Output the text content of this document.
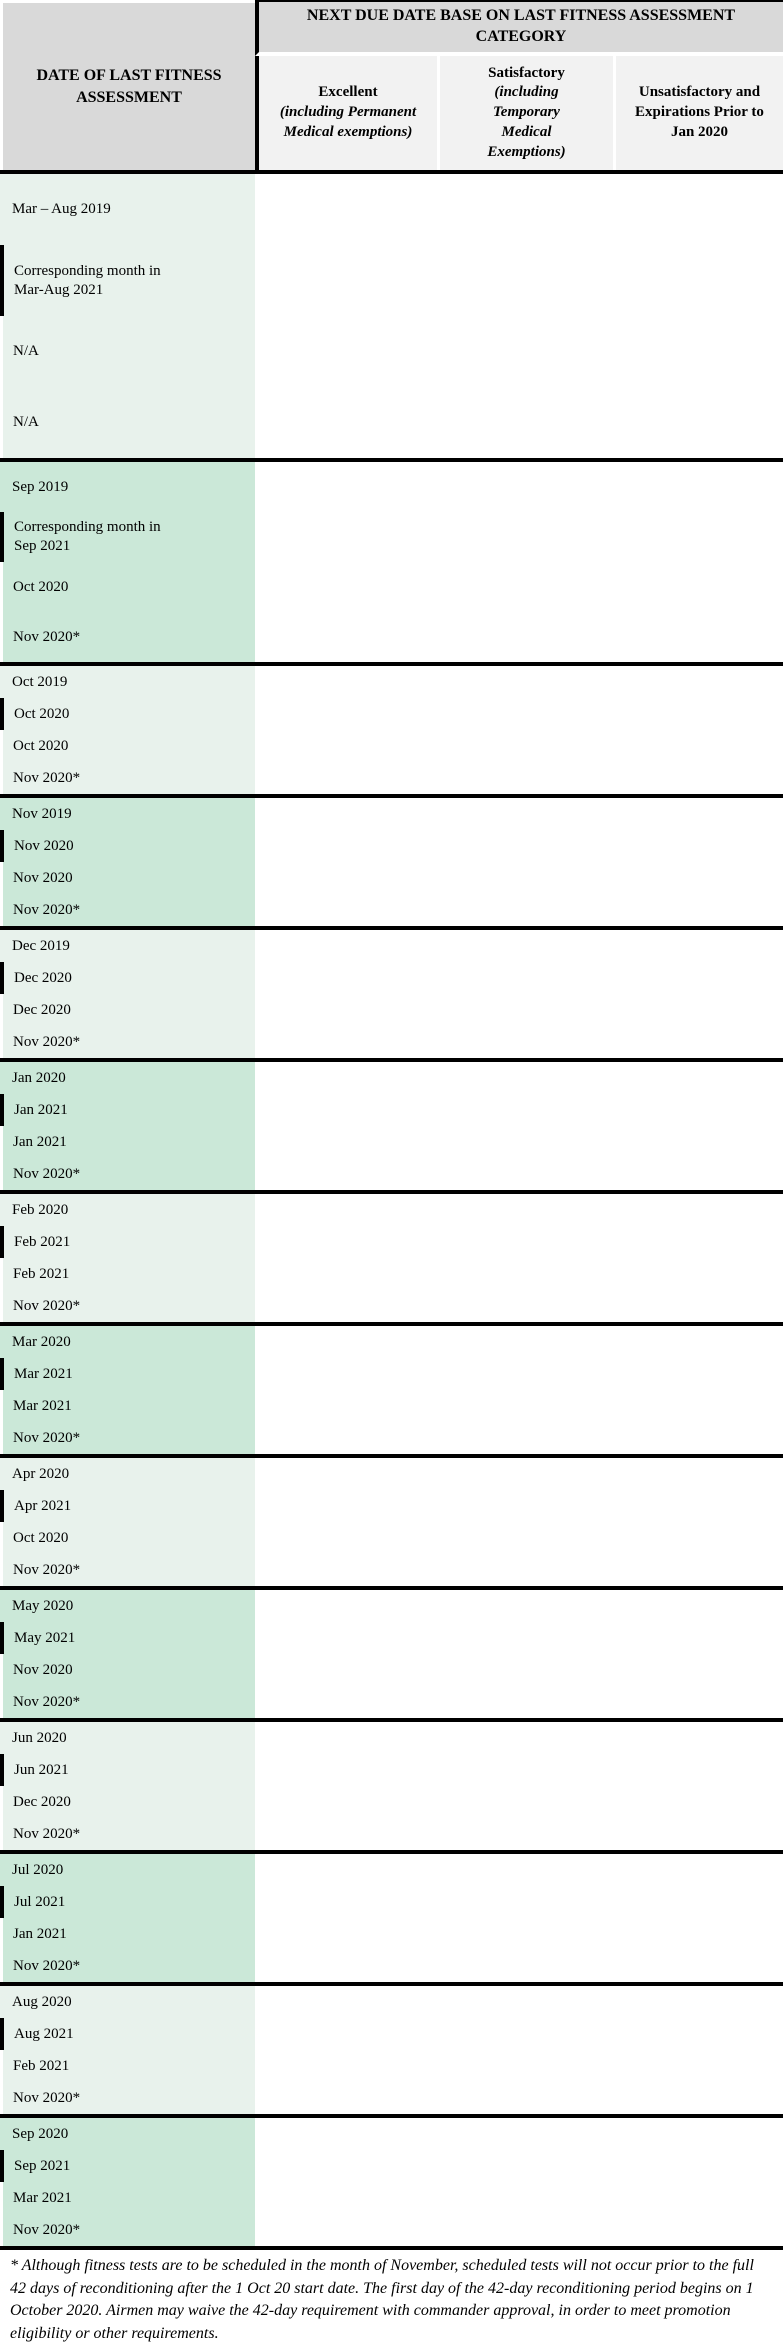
DATE OF LAST FITNESS ASSESSMENT
NEXT DUE DATE BASE ON LAST FITNESS ASSESSMENT CATEGORY
Excellent
(including Permanent Medical exemptions)
Satisfactory
(including Temporary Medical Exemptions)
Unsatisfactory and Expirations Prior to Jan 2020
Mar – Aug 2019
Corresponding month in Mar-Aug 2021
N/A
N/A
Sep 2019
Corresponding month in Sep 2021
Oct 2020
Nov 2020*
Oct 2019
Oct 2020
Oct 2020
Nov 2020*
Nov 2019
Nov 2020
Nov 2020
Nov 2020*
Dec 2019
Dec 2020
Dec 2020
Nov 2020*
Jan 2020
Jan 2021
Jan 2021
Nov 2020*
Feb 2020
Feb 2021
Feb 2021
Nov 2020*
Mar 2020
Mar 2021
Mar 2021
Nov 2020*
Apr 2020
Apr 2021
Oct 2020
Nov 2020*
May 2020
May 2021
Nov 2020
Nov 2020*
Jun 2020
Jun 2021
Dec 2020
Nov 2020*
Jul 2020
Jul 2021
Jan 2021
Nov 2020*
Aug 2020
Aug 2021
Feb 2021
Nov 2020*
Sep 2020
Sep 2021
Mar 2021
Nov 2020*

* Although fitness tests are to be scheduled in the month of November, scheduled tests will not occur prior to the full 42 days of reconditioning after the 1 Oct 20 start date. The first day of the 42-day reconditioning period begins on 1 October 2020. Airmen may waive the 42-day requirement with commander approval, in order to meet promotion eligibility or other requirements.
